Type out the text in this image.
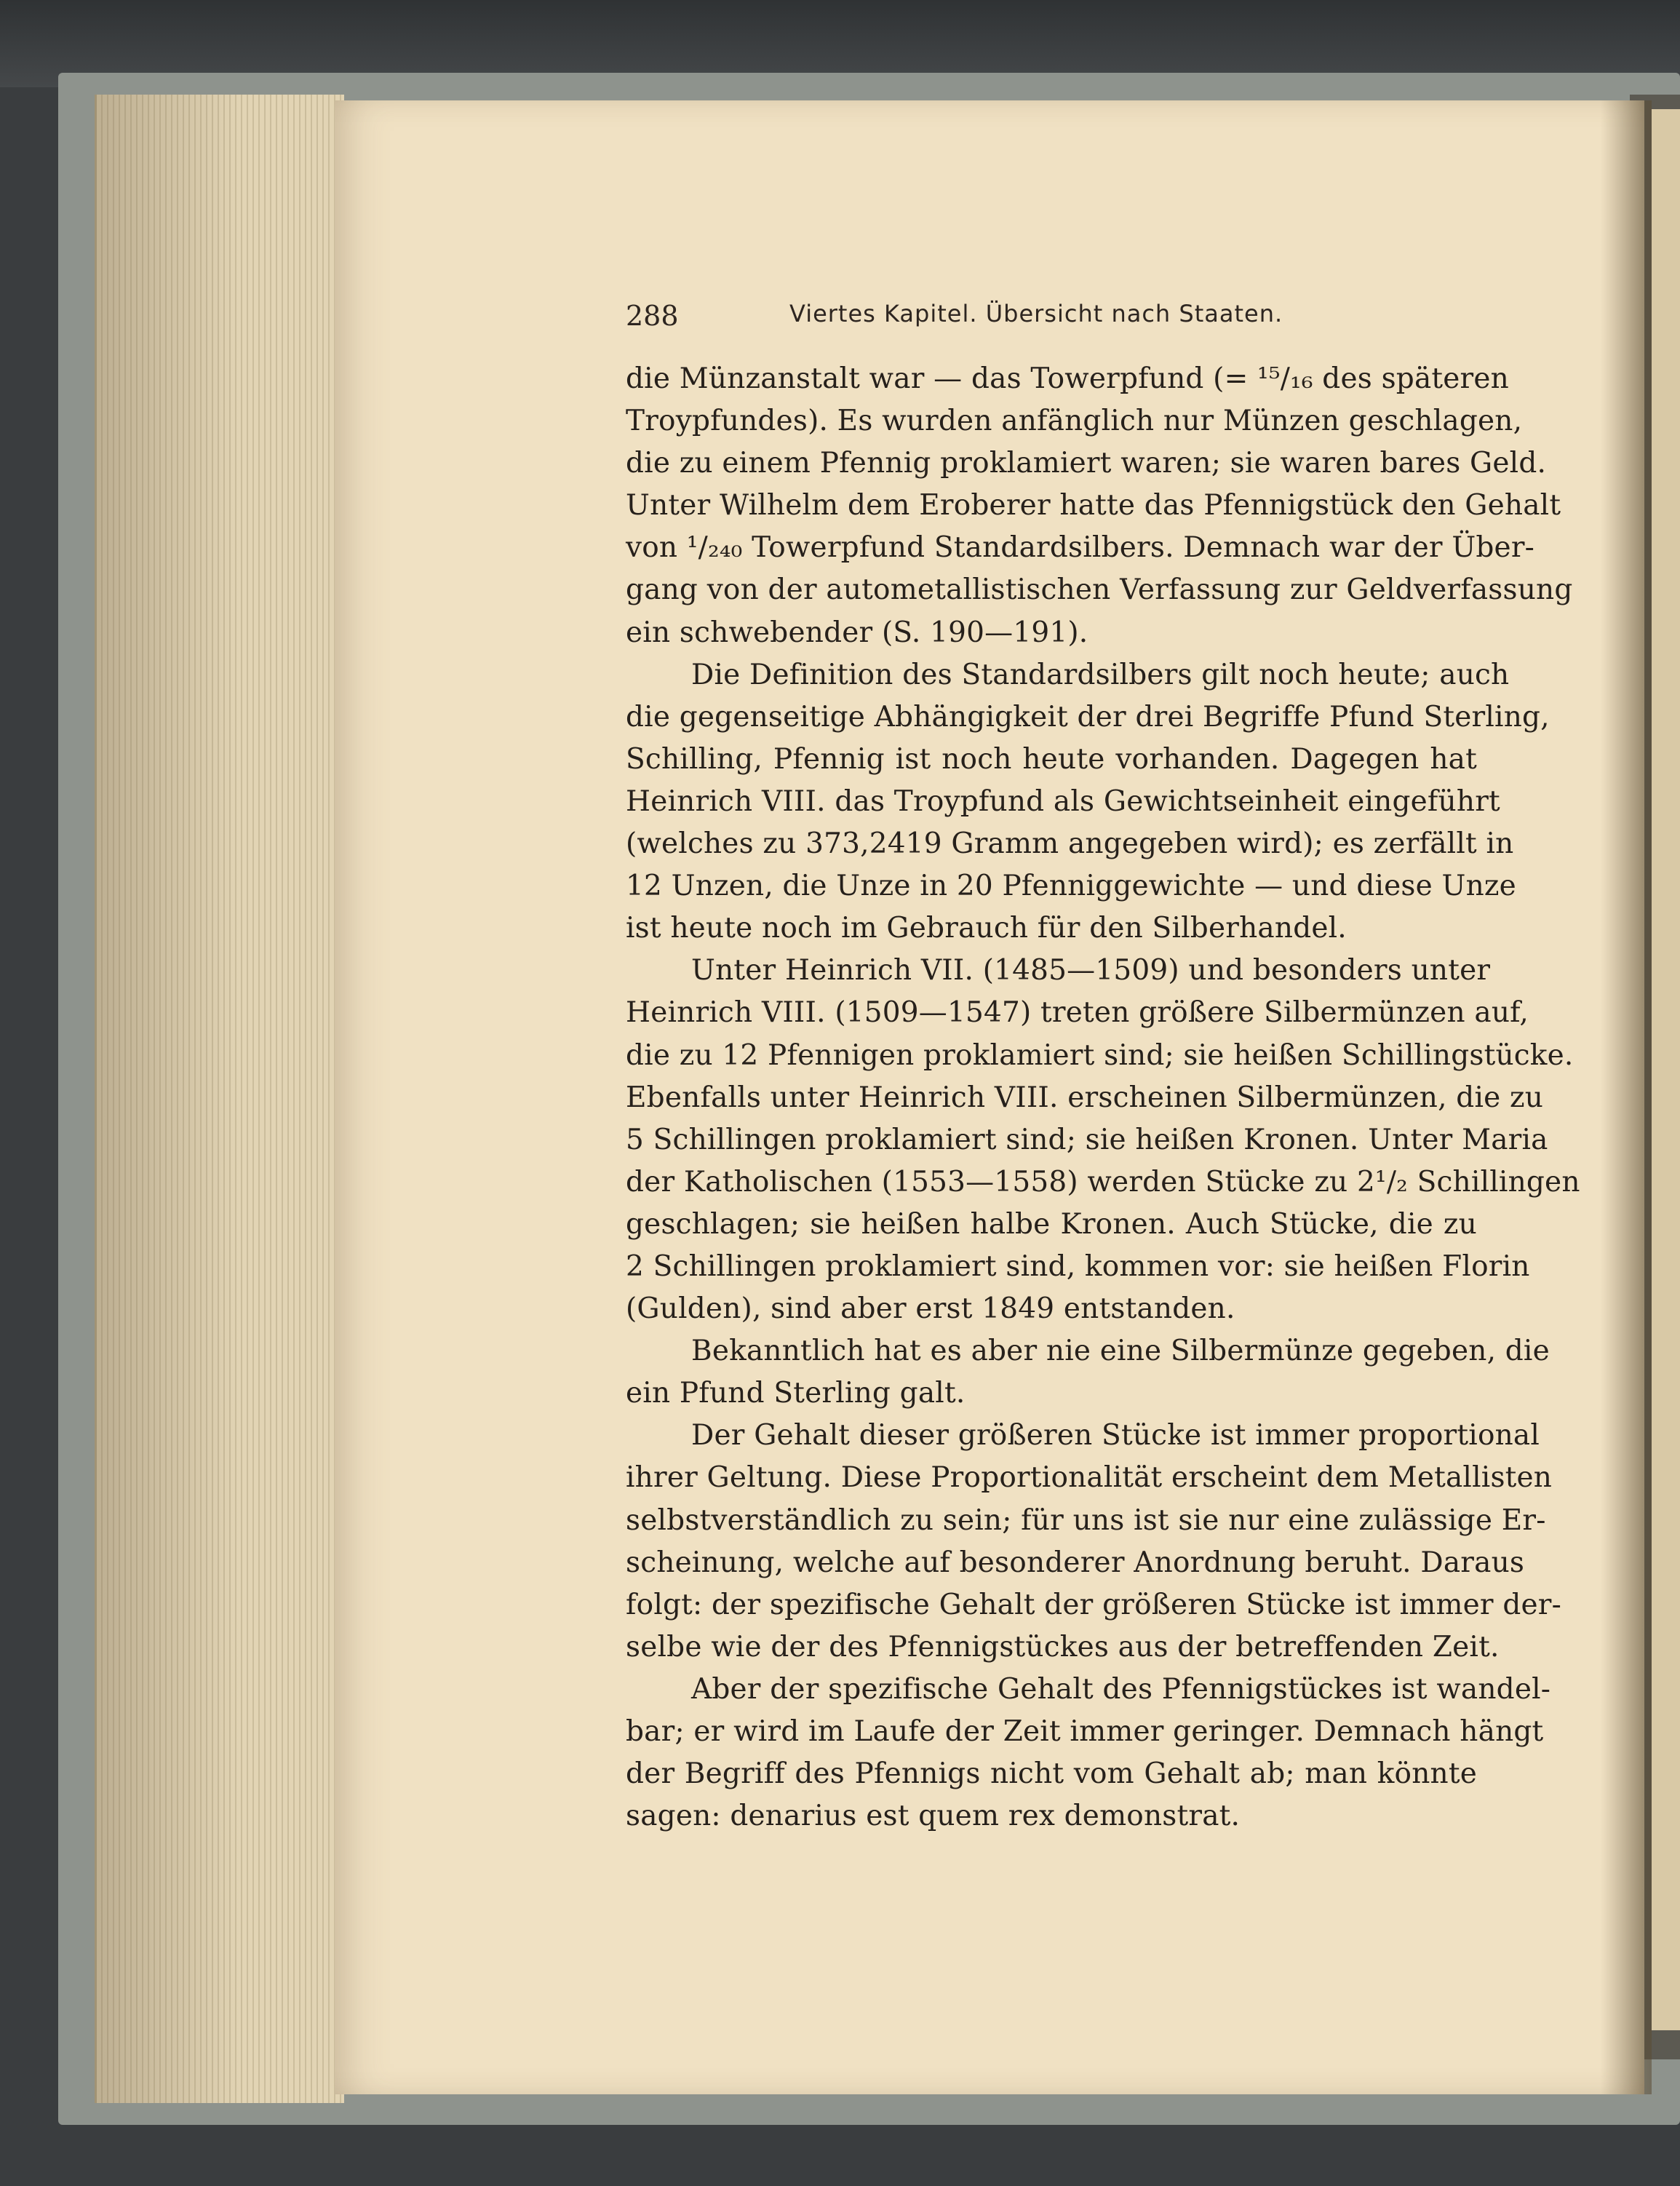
288	Viertes Kapitel. Übersicht nach Staaten.
die Münzanstalt war — das Towerpfund (= ¹⁵/₁₆ des späteren
Troypfundes). Es wurden anfänglich nur Münzen geschlagen,
die zu einem Pfennig proklamiert waren; sie waren bares Geld.
Unter Wilhelm dem Eroberer hatte das Pfennigstück den Gehalt
von ¹/₂₄₀ Towerpfund Standardsilbers. Demnach war der Über-
gang von der autometallistischen Verfassung zur Geldverfassung
ein schwebender (S. 190—191).
Die Definition des Standardsilbers gilt noch heute; auch
die gegenseitige Abhängigkeit der drei Begriffe Pfund Sterling,
Schilling, Pfennig ist noch heute vorhanden. Dagegen hat
Heinrich VIII. das Troypfund als Gewichtseinheit eingeführt
(welches zu 373,2419 Gramm angegeben wird); es zerfällt in
12 Unzen, die Unze in 20 Pfenniggewichte — und diese Unze
ist heute noch im Gebrauch für den Silberhandel.
Unter Heinrich VII. (1485—1509) und besonders unter
Heinrich VIII. (1509—1547) treten größere Silbermünzen auf,
die zu 12 Pfennigen proklamiert sind; sie heißen Schillingstücke.
Ebenfalls unter Heinrich VIII. erscheinen Silbermünzen, die zu
5 Schillingen proklamiert sind; sie heißen Kronen. Unter Maria
der Katholischen (1553—1558) werden Stücke zu 2¹/₂ Schillingen
geschlagen; sie heißen halbe Kronen. Auch Stücke, die zu
2 Schillingen proklamiert sind, kommen vor: sie heißen Florin
(Gulden), sind aber erst 1849 entstanden.
Bekanntlich hat es aber nie eine Silbermünze gegeben, die
ein Pfund Sterling galt.
Der Gehalt dieser größeren Stücke ist immer proportional
ihrer Geltung. Diese Proportionalität erscheint dem Metallisten
selbstverständlich zu sein; für uns ist sie nur eine zulässige Er-
scheinung, welche auf besonderer Anordnung beruht. Daraus
folgt: der spezifische Gehalt der größeren Stücke ist immer der-
selbe wie der des Pfennigstückes aus der betreffenden Zeit.
Aber der spezifische Gehalt des Pfennigstückes ist wandel-
bar; er wird im Laufe der Zeit immer geringer. Demnach hängt
der Begriff des Pfennigs nicht vom Gehalt ab; man könnte
sagen: denarius est quem rex demonstrat.
